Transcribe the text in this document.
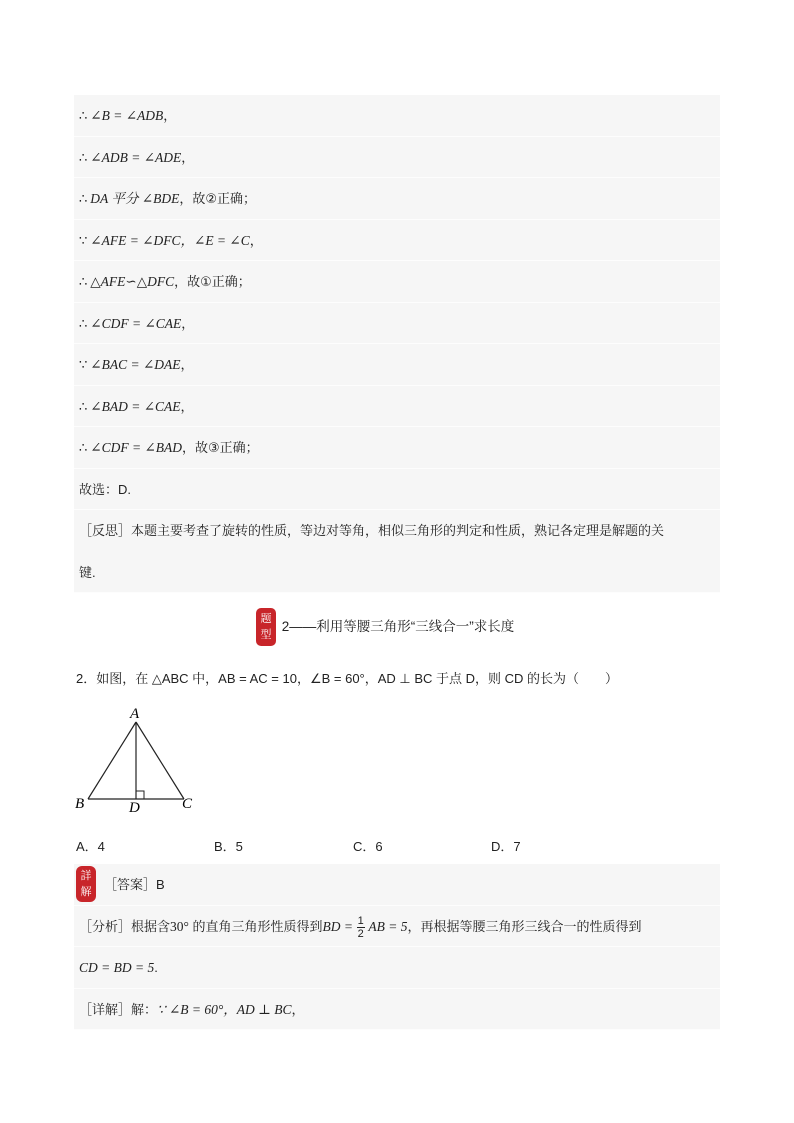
∴ ∠B = ∠ADB，
∴ ∠ADB = ∠ADE，
∴ DA 平分 ∠BDE，故②正确；
∵ ∠AFE = ∠DFC，∠E = ∠C，
∴ △AFE∽△DFC，故①正确；
∴ ∠CDF = ∠CAE，
∵ ∠BAC = ∠DAE，
∴ ∠BAD = ∠CAE，
∴ ∠CDF = ∠BAD，故③正确；
故选：D.
［反思］本题主要考查了旋转的性质，等边对等角，相似三角形的判定和性质，熟记各定理是解题的关
键.
题
型 2——利用等腰三角形“三线合一”求长度
2．如图，在 △ABC 中，AB = AC = 10，∠B = 60°，AD ⊥ BC 于点 D，则 CD 的长为（　　）
A
B	C
D
A．4	B．5	C．6	D．7
詳
解 ［答案］B
［分析］根据含30° 的直角三角形性质得到BD = $\frac{1}{2}$ AB = 5，再根据等腰三角形三线合一的性质得到
CD = BD = 5.
［详解］解：∵ ∠B = 60°，AD ⊥ BC，
